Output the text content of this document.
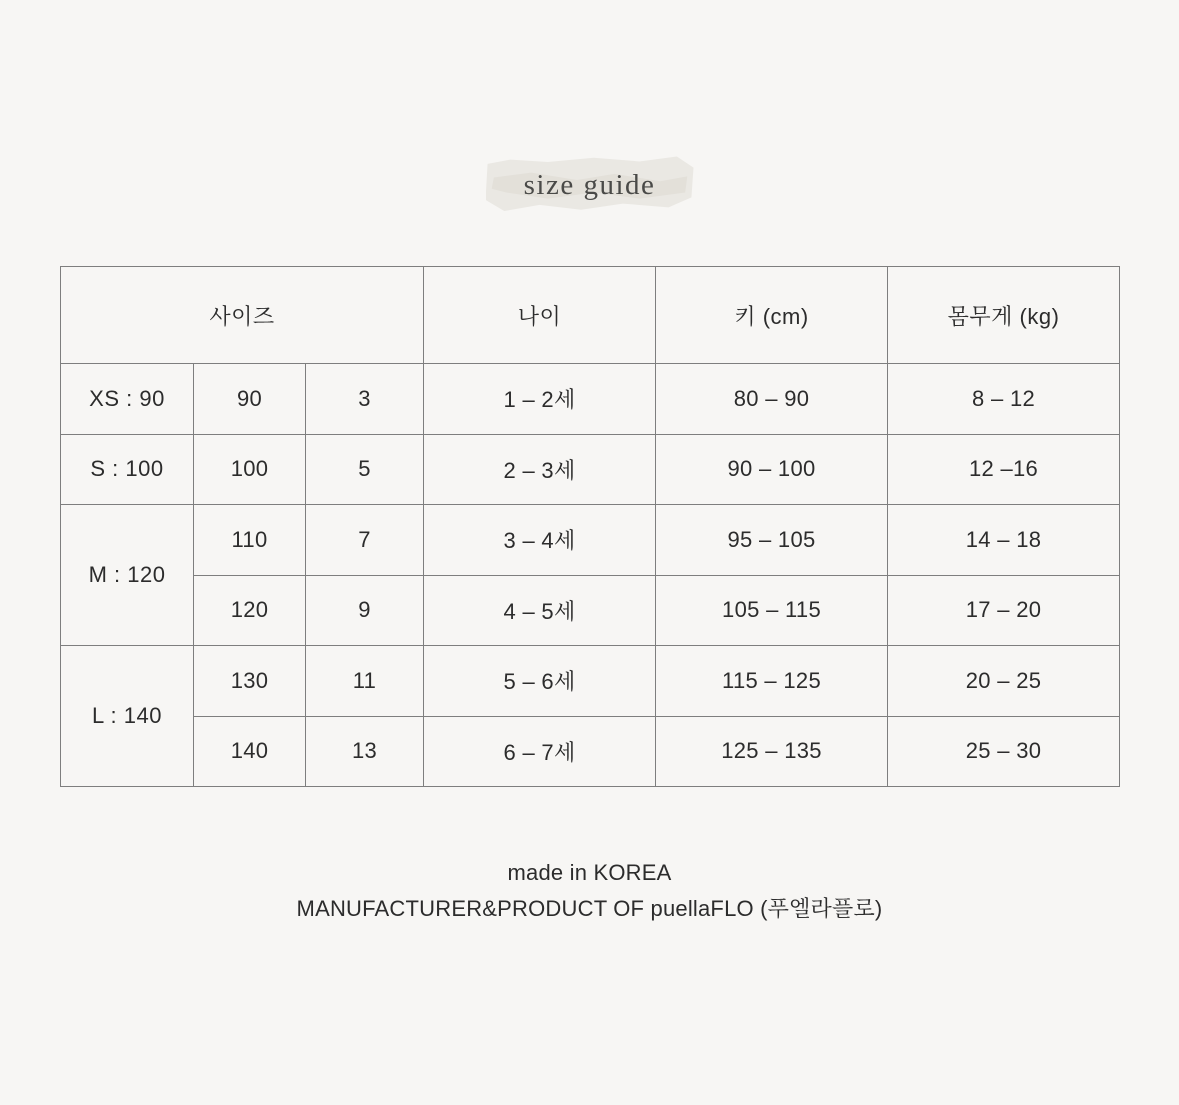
size guide
사이즈			나이	키 (cm)	몸무게 (kg)
XS : 90	90	3	1 – 2세	80 – 90	8 – 12
S : 100	100	5	2 – 3세	90 – 100	12 –16
M : 120	110	7	3 – 4세	95 – 105	14 – 18
	120	9	4 – 5세	105 – 115	17 – 20
L : 140	130	11	5 – 6세	115 – 125	20 – 25
	140	13	6 – 7세	125 – 135	25 – 30
made in KOREA
MANUFACTURER&PRODUCT OF puellaFLO (푸엘라플로)
